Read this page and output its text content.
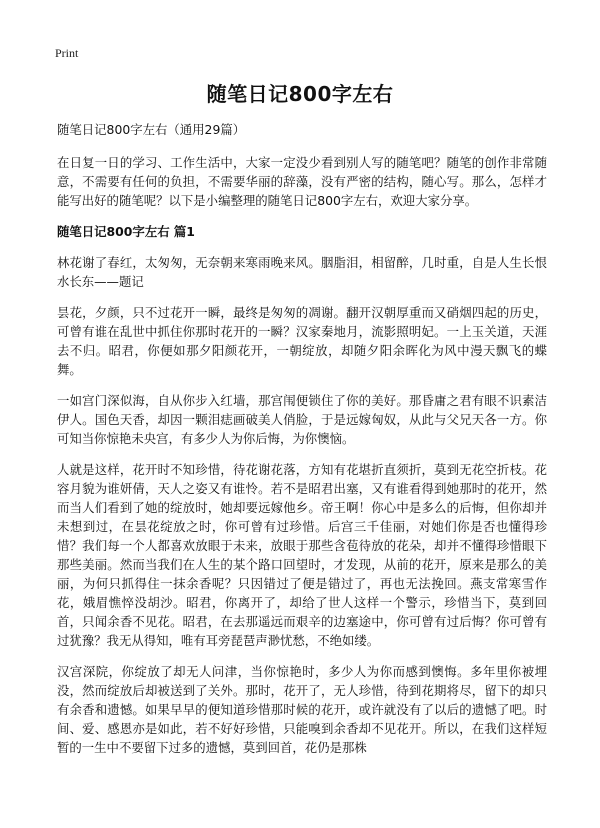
Print
随笔日记800字左右
随笔日记800字左右（通用29篇）
在日复一日的学习、工作生活中，大家一定没少看到别人写的随笔吧？随笔的创作非常随意，不需要有任何的负担，不需要华丽的辞藻，没有严密的结构，随心写。那么，怎样才能写出好的随笔呢？以下是小编整理的随笔日记800字左右，欢迎大家分享。
随笔日记800字左右 篇1
林花谢了春红，太匆匆，无奈朝来寒雨晚来风。胭脂泪，相留醉，几时重，自是人生长恨水长东——题记
昙花，夕颜，只不过花开一瞬，最终是匆匆的凋谢。翻开汉朝厚重而又硝烟四起的历史，可曾有谁在乱世中抓住你那时花开的一瞬？汉家秦地月，流影照明妃。一上玉关道，天涯去不归。昭君，你便如那夕阳颜花开，一朝绽放，却随夕阳余晖化为风中漫天飘飞的蝶舞。
一如宫门深似海，自从你步入红墙，那宫闱便锁住了你的美好。那昏庸之君有眼不识素洁伊人。国色天香，却因一颗泪痣画破美人俏脸，于是远嫁匈奴，从此与父兄天各一方。你可知当你惊艳未央宫，有多少人为你后悔，为你懊恼。
人就是这样，花开时不知珍惜，待花谢花落，方知有花堪折直须折，莫到无花空折枝。花容月貌为谁妍倩，天人之姿又有谁怜。若不是昭君出塞，又有谁看得到她那时的花开，然而当人们看到了她的绽放时，她却要远嫁他乡。帝王啊！你心中是多么的后悔，但你却并未想到过，在昙花绽放之时，你可曾有过珍惜。后宫三千佳丽，对她们你是否也懂得珍惜？我们每一个人都喜欢放眼于未来，放眼于那些含苞待放的花朵，却并不懂得珍惜眼下那些美丽。然而当我们在人生的某个路口回望时，才发现，从前的花开，原来是那么的美丽，为何只抓得住一抹余香呢？只因错过了便是错过了，再也无法挽回。燕支常寒雪作花，娥眉憔悴没胡沙。昭君，你离开了，却给了世人这样一个警示，珍惜当下，莫到回首，只闻余香不见花。昭君，在去那遥远而艰辛的边塞途中，你可曾有过后悔？你可曾有过犹豫？我无从得知，唯有耳旁琵琶声渺忧愁，不绝如缕。
汉宫深院，你绽放了却无人问津，当你惊艳时，多少人为你而感到懊悔。多年里你被埋没，然而绽放后却被送到了关外。那时，花开了，无人珍惜，待到花期将尽，留下的却只有余香和遗憾。如果早早的便知道珍惜那时候的花开，或许就没有了以后的遗憾了吧。时间、爱、感恩亦是如此，若不好好珍惜，只能嗅到余香却不见花开。所以，在我们这样短暂的一生中不要留下过多的遗憾，莫到回首，花仍是那株
